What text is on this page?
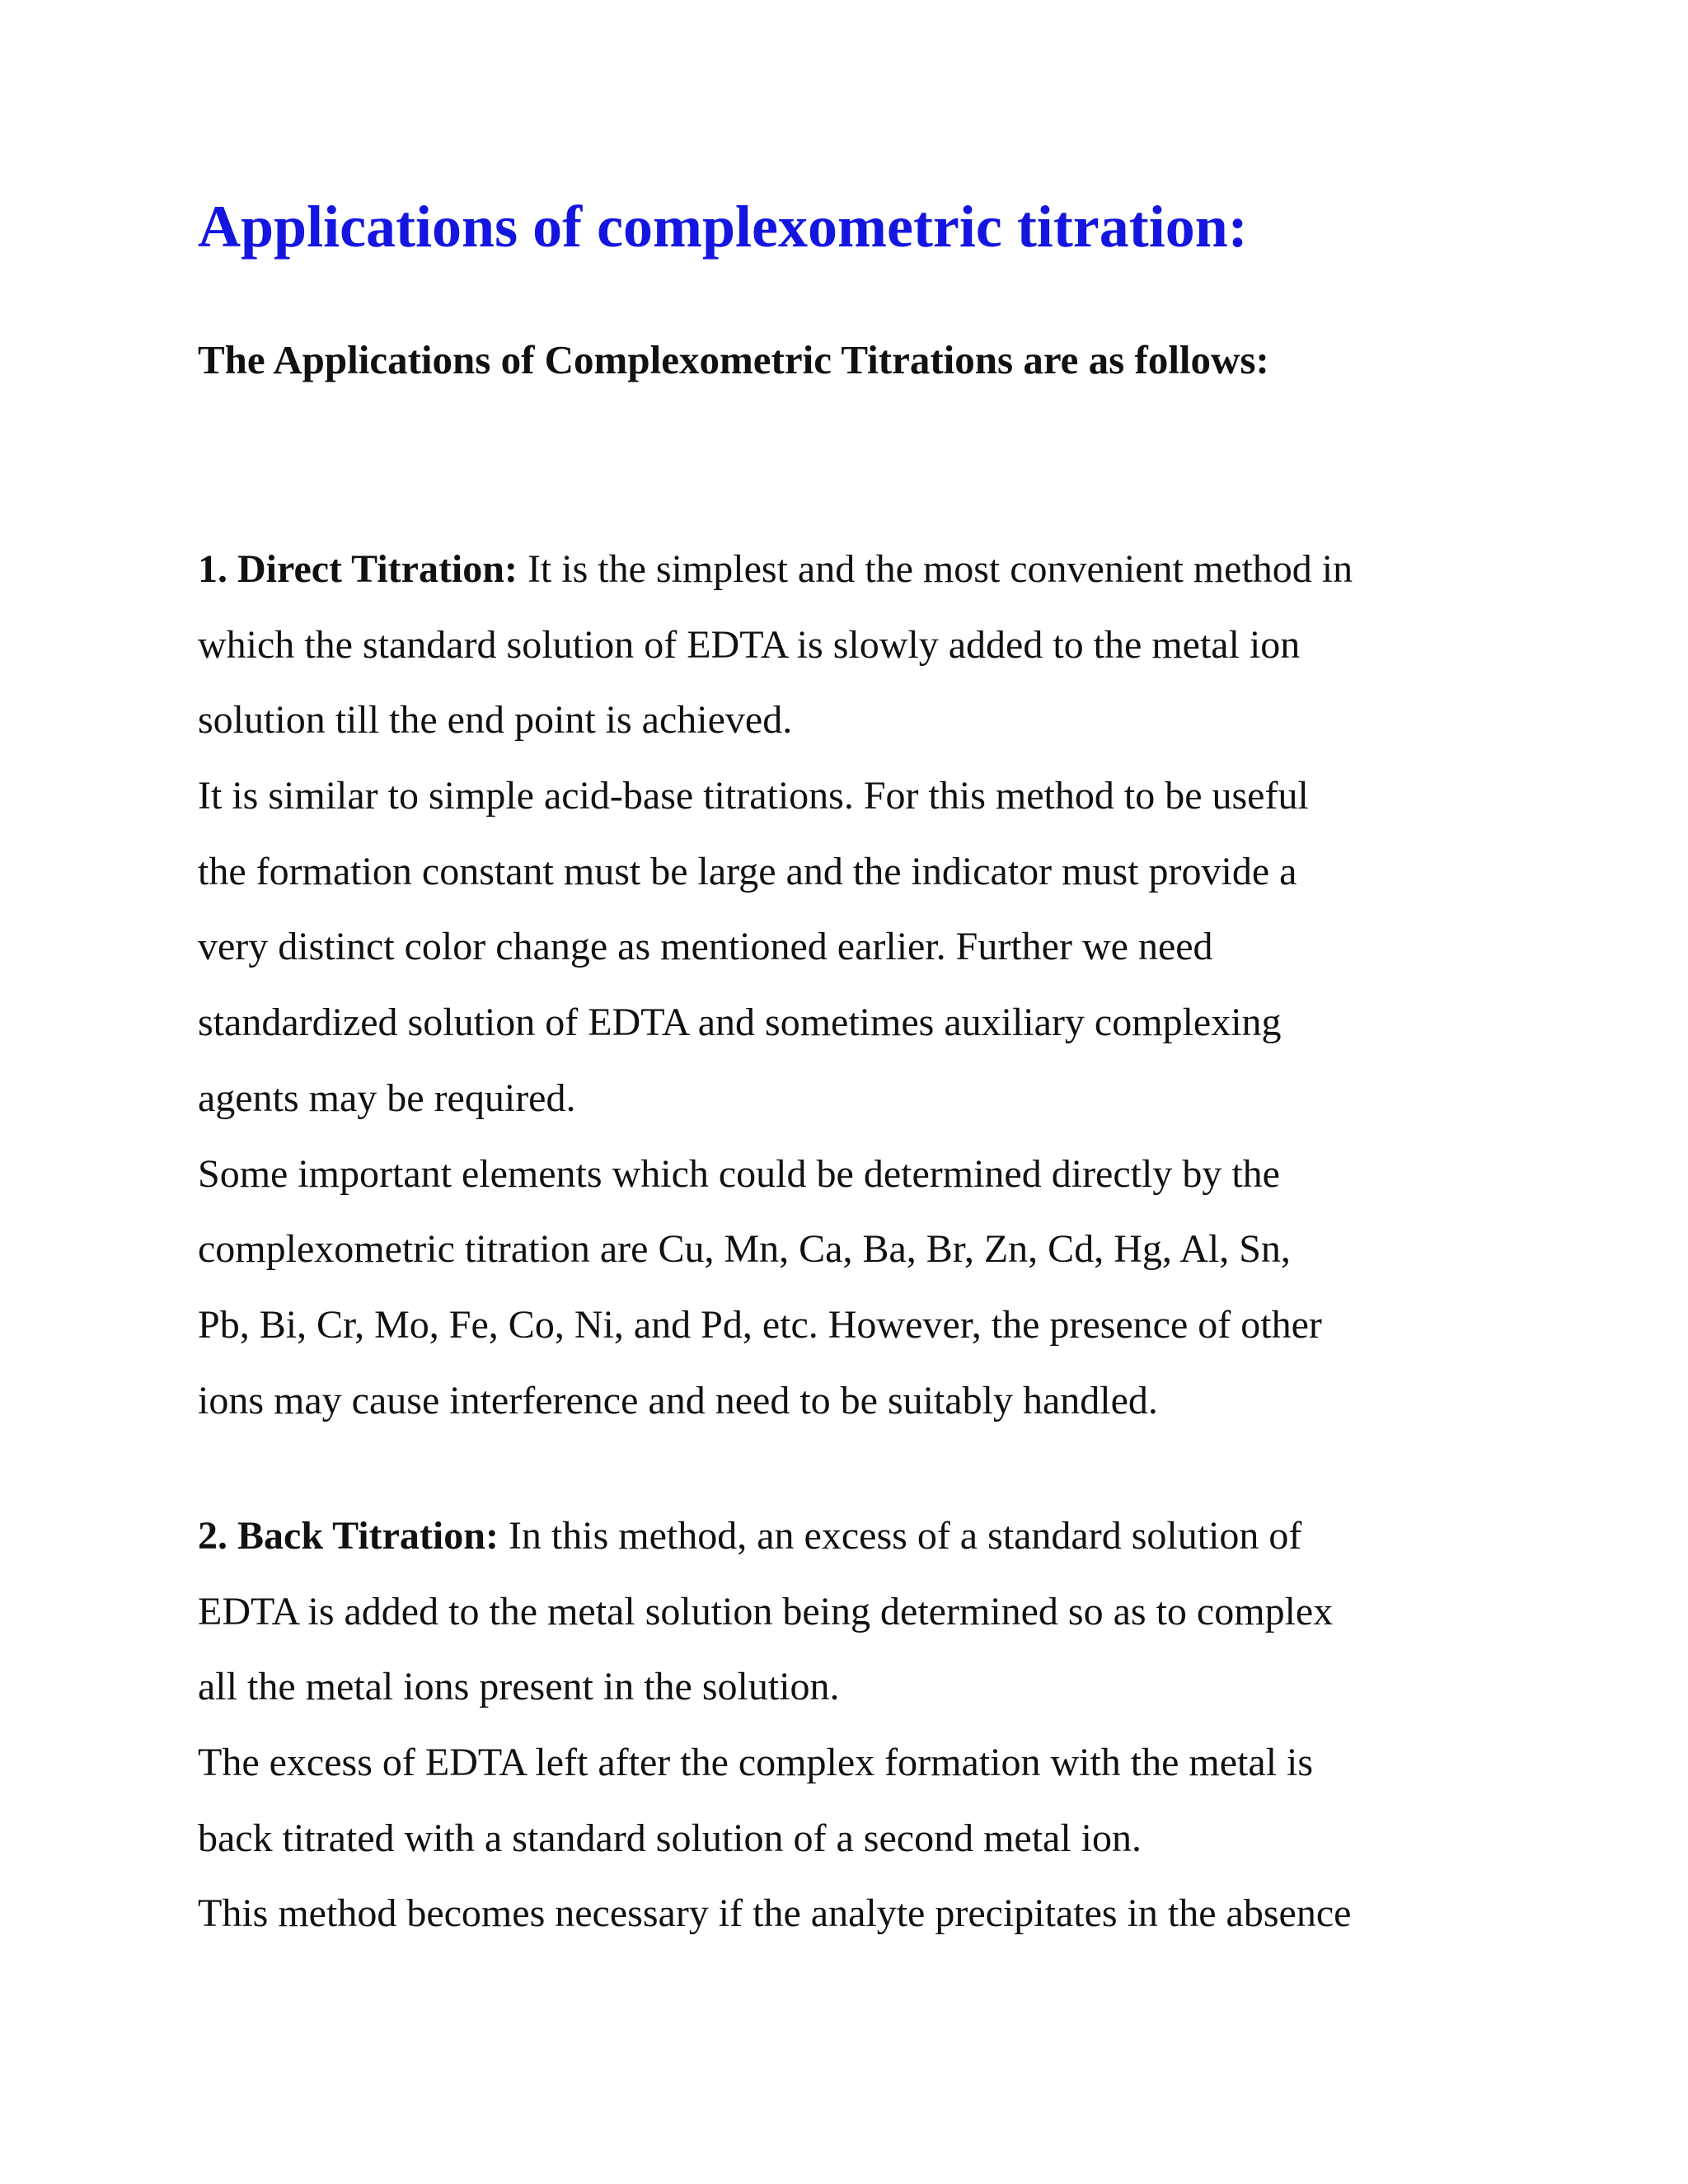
Applications of complexometric titration:

The Applications of Complexometric Titrations are as follows:

1. Direct Titration: It is the simplest and the most convenient method in

which the standard solution of EDTA is slowly added to the metal ion

solution till the end point is achieved.

It is similar to simple acid-base titrations. For this method to be useful

the formation constant must be large and the indicator must provide a

very distinct color change as mentioned earlier. Further we need

standardized solution of EDTA and sometimes auxiliary complexing

agents may be required.

Some important elements which could be determined directly by the

complexometric titration are Cu, Mn, Ca, Ba, Br, Zn, Cd, Hg, Al, Sn,

Pb, Bi, Cr, Mo, Fe, Co, Ni, and Pd, etc. However, the presence of other

ions may cause interference and need to be suitably handled.

2. Back Titration: In this method, an excess of a standard solution of

EDTA is added to the metal solution being determined so as to complex

all the metal ions present in the solution.

The excess of EDTA left after the complex formation with the metal is

back titrated with a standard solution of a second metal ion.

This method becomes necessary if the analyte precipitates in the absence
